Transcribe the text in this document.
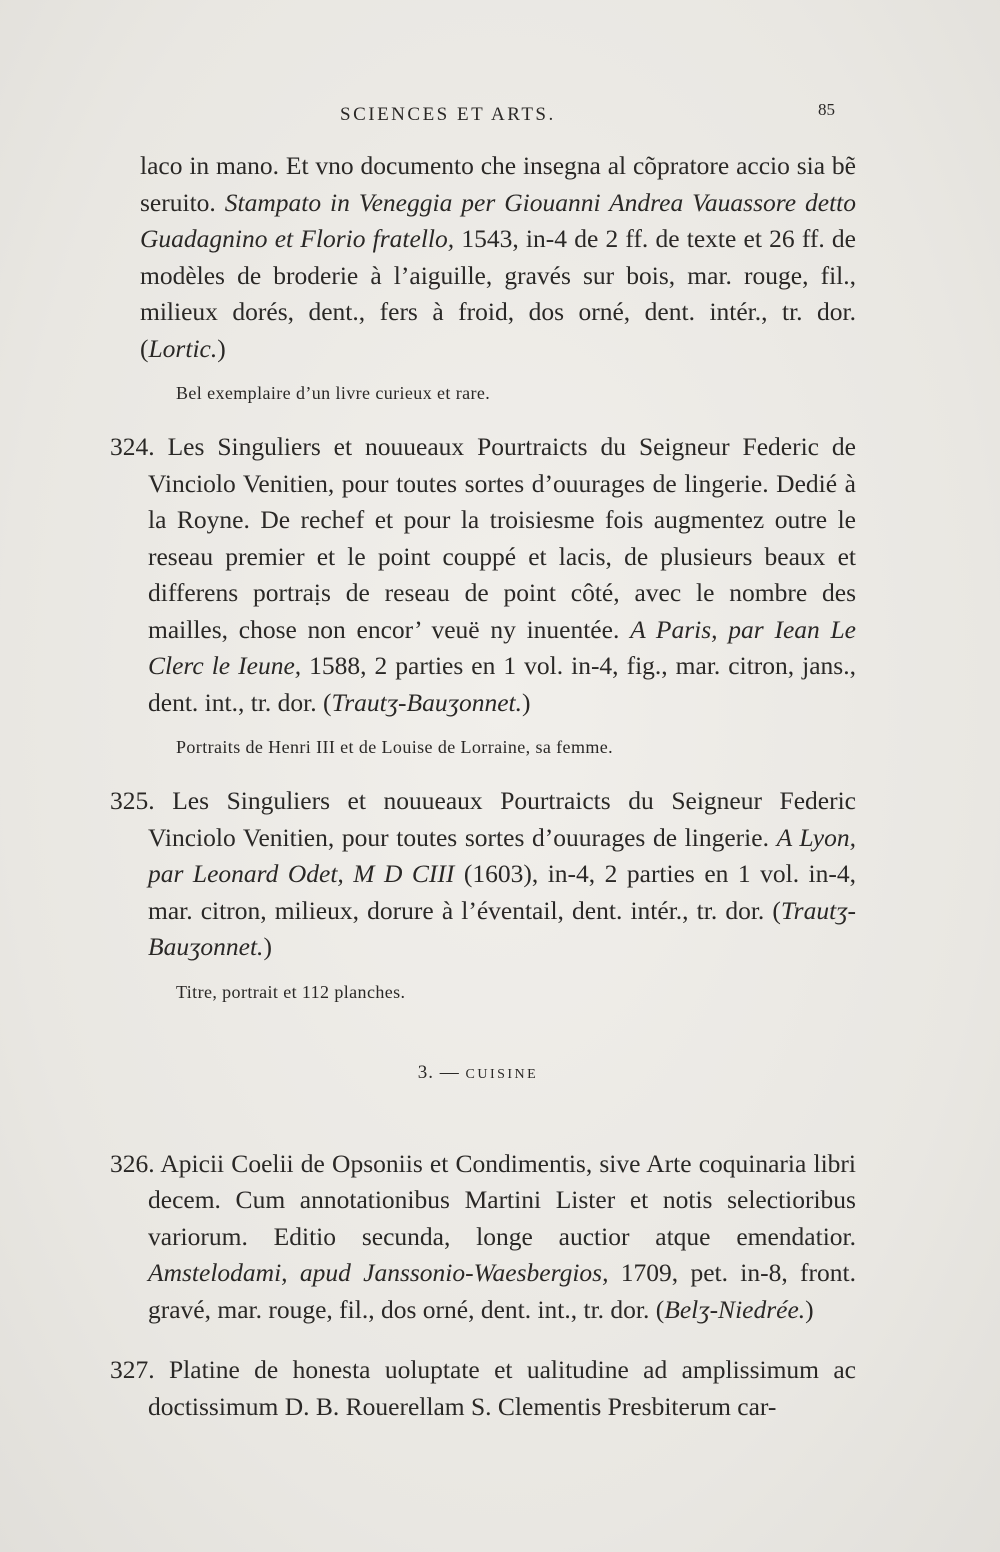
SCIENCES ET ARTS.	85

laco in mano. Et vno documento che insegna al cõpratore accio sia bẽ seruito. Stampato in Veneggia per Giouanni Andrea Vauassore detto Guadagnino et Florio fratello, 1543, in-4 de 2 ff. de texte et 26 ff. de modèles de broderie à l’aiguille, gravés sur bois, mar. rouge, fil., milieux dorés, dent., fers à froid, dos orné, dent. intér., tr. dor. (Lortic.)

Bel exemplaire d’un livre curieux et rare.
324. Les Singuliers et nouueaux Pourtraicts du Seigneur Federic de Vinciolo Venitien, pour toutes sortes d’ouurages de lingerie. Dedié à la Royne. De rechef et pour la troisiesme fois augmentez outre le reseau premier et le point couppé et lacis, de plusieurs beaux et differens portraịs de reseau de point côté, avec le nombre des mailles, chose non encor’ veuë ny inuentée. A Paris, par Iean Le Clerc le Ieune, 1588, 2 parties en 1 vol. in-4, fig., mar. citron, jans., dent. int., tr. dor. (Trautʒ-Bauʒonnet.)
Portraits de Henri III et de Louise de Lorraine, sa femme.
325. Les Singuliers et nouueaux Pourtraicts du Seigneur Federic Vinciolo Venitien, pour toutes sortes d’ouurages de lingerie. A Lyon, par Leonard Odet, M D CIII (1603), in-4, 2 parties en 1 vol. in-4, mar. citron, milieux, dorure à l’éventail, dent. intér., tr. dor. (Trautʒ-Bauʒonnet.)
Titre, portrait et 112 planches.
3. — CUISINE
326. Apicii Coelii de Opsoniis et Condimentis, sive Arte coquinaria libri decem. Cum annotationibus Martini Lister et notis selectioribus variorum. Editio secunda, longe auctior atque emendatior. Amstelodami, apud Janssonio-Waesbergios, 1709, pet. in-8, front. gravé, mar. rouge, fil., dos orné, dent. int., tr. dor. (Belʒ-Niedrée.)
327. Platine de honesta uoluptate et ualitudine ad amplissimum ac doctissimum D. B. Rouerellam S. Clementis Presbiterum car-
